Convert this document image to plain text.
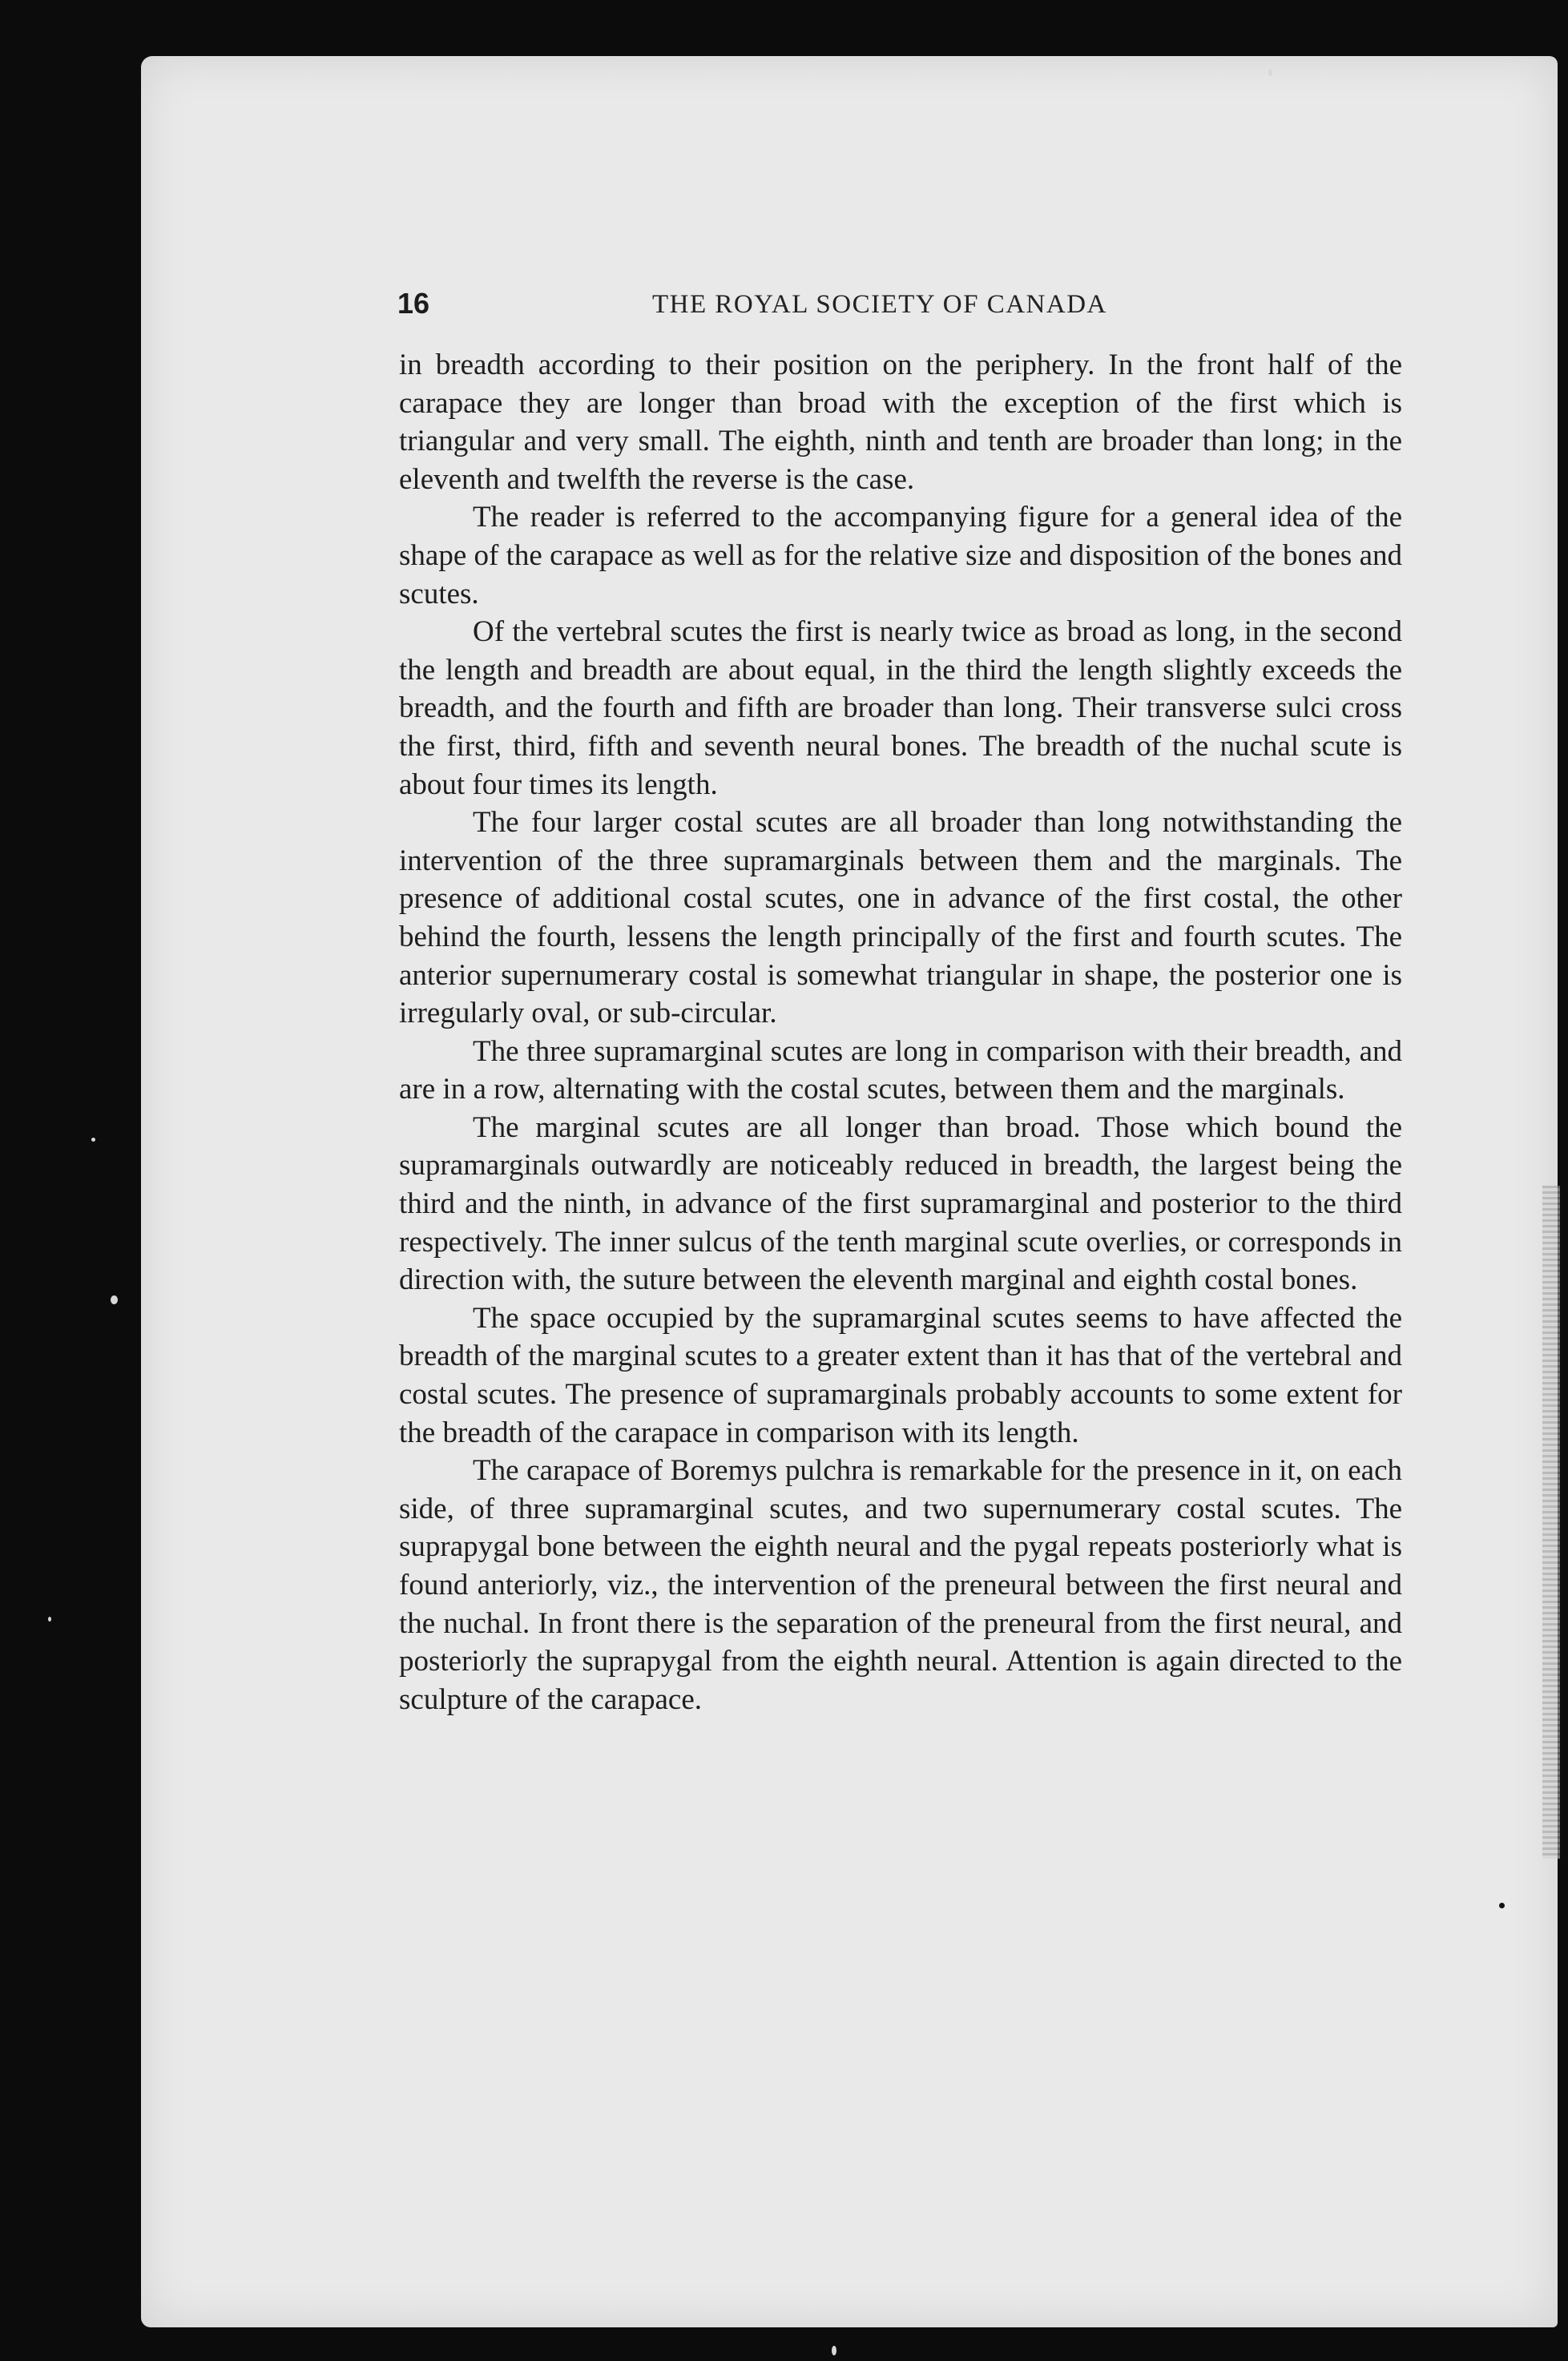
16	THE ROYAL SOCIETY OF CANADA

in breadth according to their position on the periphery. In the front half of the carapace they are longer than broad with the exception of the first which is triangular and very small. The eighth, ninth and tenth are broader than long; in the eleventh and twelfth the reverse is the case.

The reader is referred to the accompanying figure for a general idea of the shape of the carapace as well as for the relative size and disposition of the bones and scutes.

Of the vertebral scutes the first is nearly twice as broad as long, in the second the length and breadth are about equal, in the third the length slightly exceeds the breadth, and the fourth and fifth are broader than long. Their transverse sulci cross the first, third, fifth and seventh neural bones. The breadth of the nuchal scute is about four times its length.

The four larger costal scutes are all broader than long notwithstanding the intervention of the three supramarginals between them and the marginals. The presence of additional costal scutes, one in advance of the first costal, the other behind the fourth, lessens the length principally of the first and fourth scutes. The anterior supernumerary costal is somewhat triangular in shape, the posterior one is irregularly oval, or sub-circular.

The three supramarginal scutes are long in comparison with their breadth, and are in a row, alternating with the costal scutes, between them and the marginals.

The marginal scutes are all longer than broad. Those which bound the supramarginals outwardly are noticeably reduced in breadth, the largest being the third and the ninth, in advance of the first supramarginal and posterior to the third respectively. The inner sulcus of the tenth marginal scute overlies, or corresponds in direction with, the suture between the eleventh marginal and eighth costal bones.

The space occupied by the supramarginal scutes seems to have affected the breadth of the marginal scutes to a greater extent than it has that of the vertebral and costal scutes. The presence of supramarginals probably accounts to some extent for the breadth of the carapace in comparison with its length.

The carapace of Boremys pulchra is remarkable for the presence in it, on each side, of three supramarginal scutes, and two supernumerary costal scutes. The suprapygal bone between the eighth neural and the pygal repeats posteriorly what is found anteriorly, viz., the intervention of the preneural between the first neural and the nuchal. In front there is the separation of the preneural from the first neural, and posteriorly the suprapygal from the eighth neural. Attention is again directed to the sculpture of the carapace.
